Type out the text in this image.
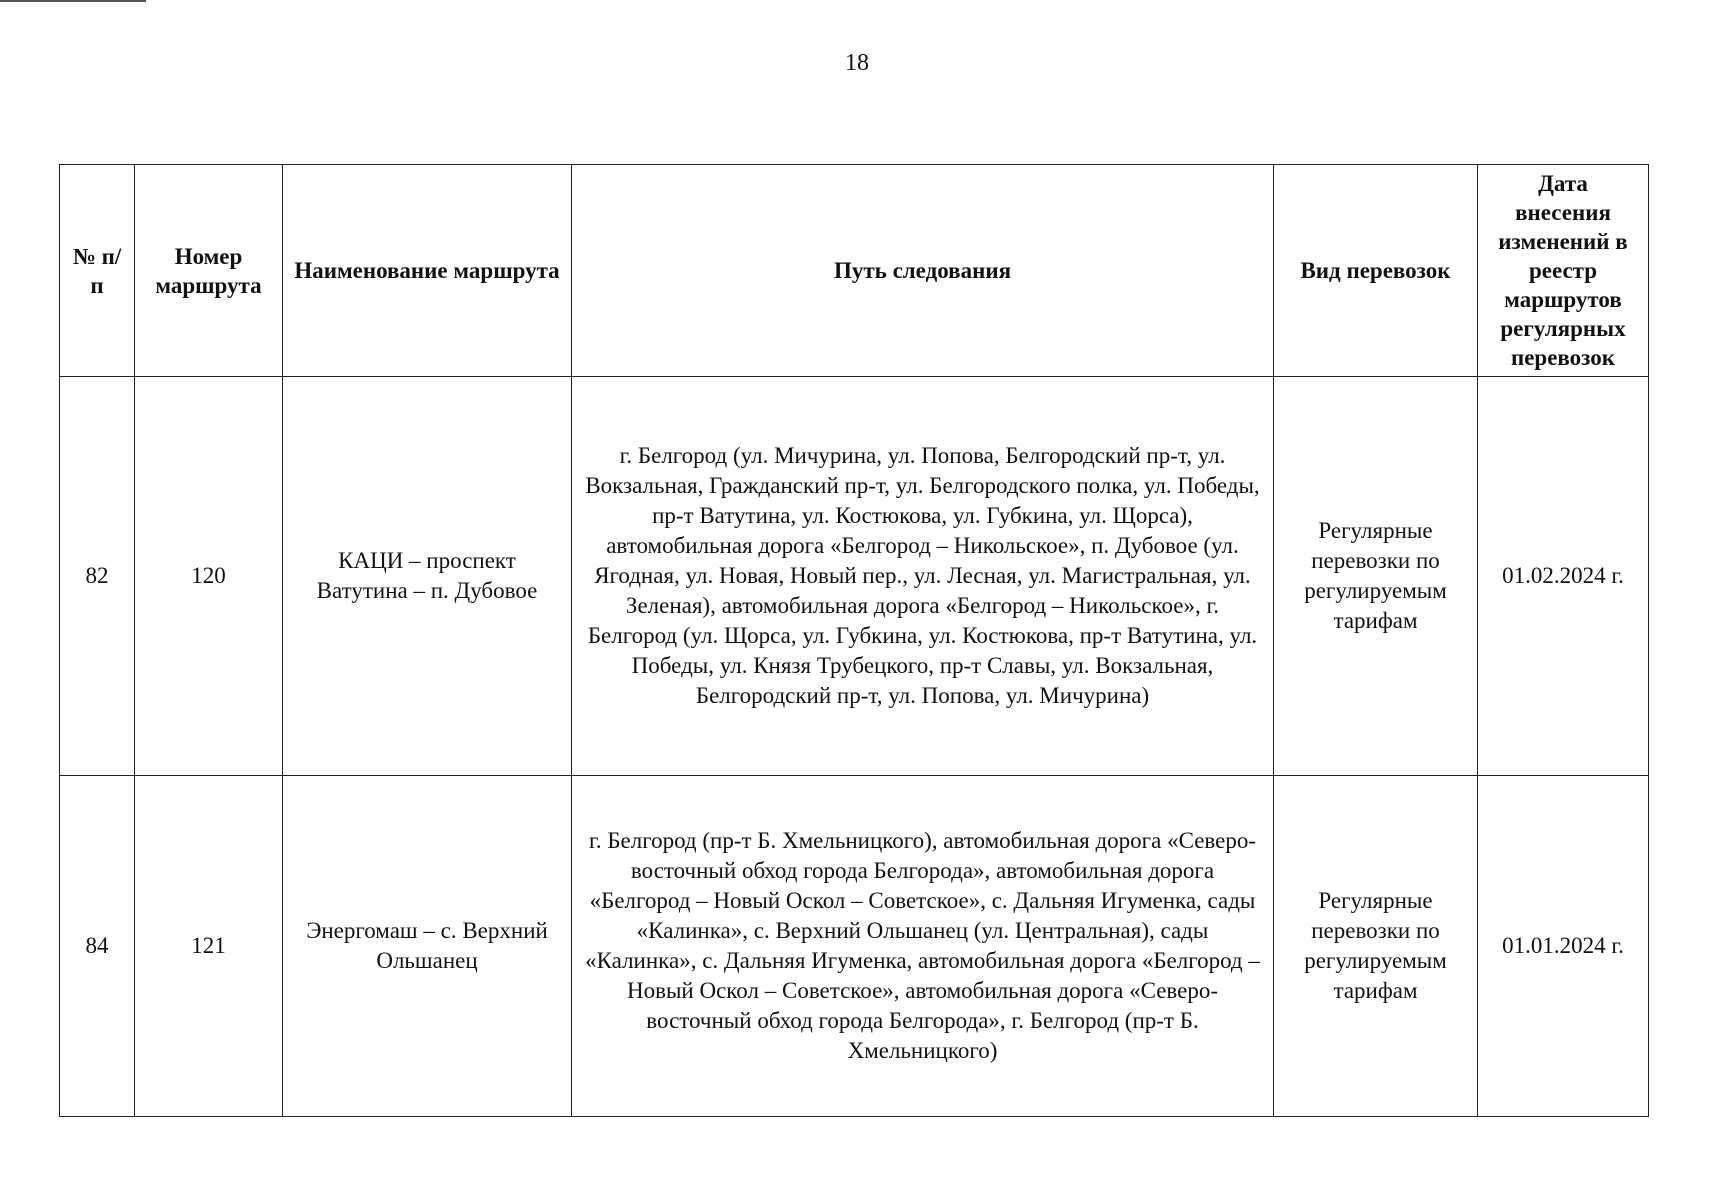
18
№ п/п	Номер маршрута	Наименование маршрута	Путь следования	Вид перевозок	Дата внесения изменений в реестр маршрутов регулярных перевозок
82	120	КАЦИ – проспект Ватутина – п. Дубовое	г. Белгород (ул. Мичурина, ул. Попова, Белгородский пр-т, ул. Вокзальная, Гражданский пр-т, ул. Белгородского полка, ул. Победы, пр-т Ватутина, ул. Костюкова, ул. Губкина, ул. Щорса), автомобильная дорога «Белгород – Никольское», п. Дубовое (ул. Ягодная, ул. Новая, Новый пер., ул. Лесная, ул. Магистральная, ул. Зеленая), автомобильная дорога «Белгород – Никольское», г. Белгород (ул. Щорса, ул. Губкина, ул. Костюкова, пр-т Ватутина, ул. Победы, ул. Князя Трубецкого, пр-т Славы, ул. Вокзальная, Белгородский пр-т, ул. Попова, ул. Мичурина)	Регулярные перевозки по регулируемым тарифам	01.02.2024 г.
84	121	Энергомаш – с. Верхний Ольшанец	г. Белгород (пр-т Б. Хмельницкого), автомобильная дорога «Северо-восточный обход города Белгорода», автомобильная дорога «Белгород – Новый Оскол – Советское», с. Дальняя Игуменка, сады «Калинка», с. Верхний Ольшанец (ул. Центральная), сады «Калинка», с. Дальняя Игуменка, автомобильная дорога «Белгород – Новый Оскол – Советское», автомобильная дорога «Северо-восточный обход города Белгорода», г. Белгород (пр-т Б. Хмельницкого)	Регулярные перевозки по регулируемым тарифам	01.01.2024 г.
